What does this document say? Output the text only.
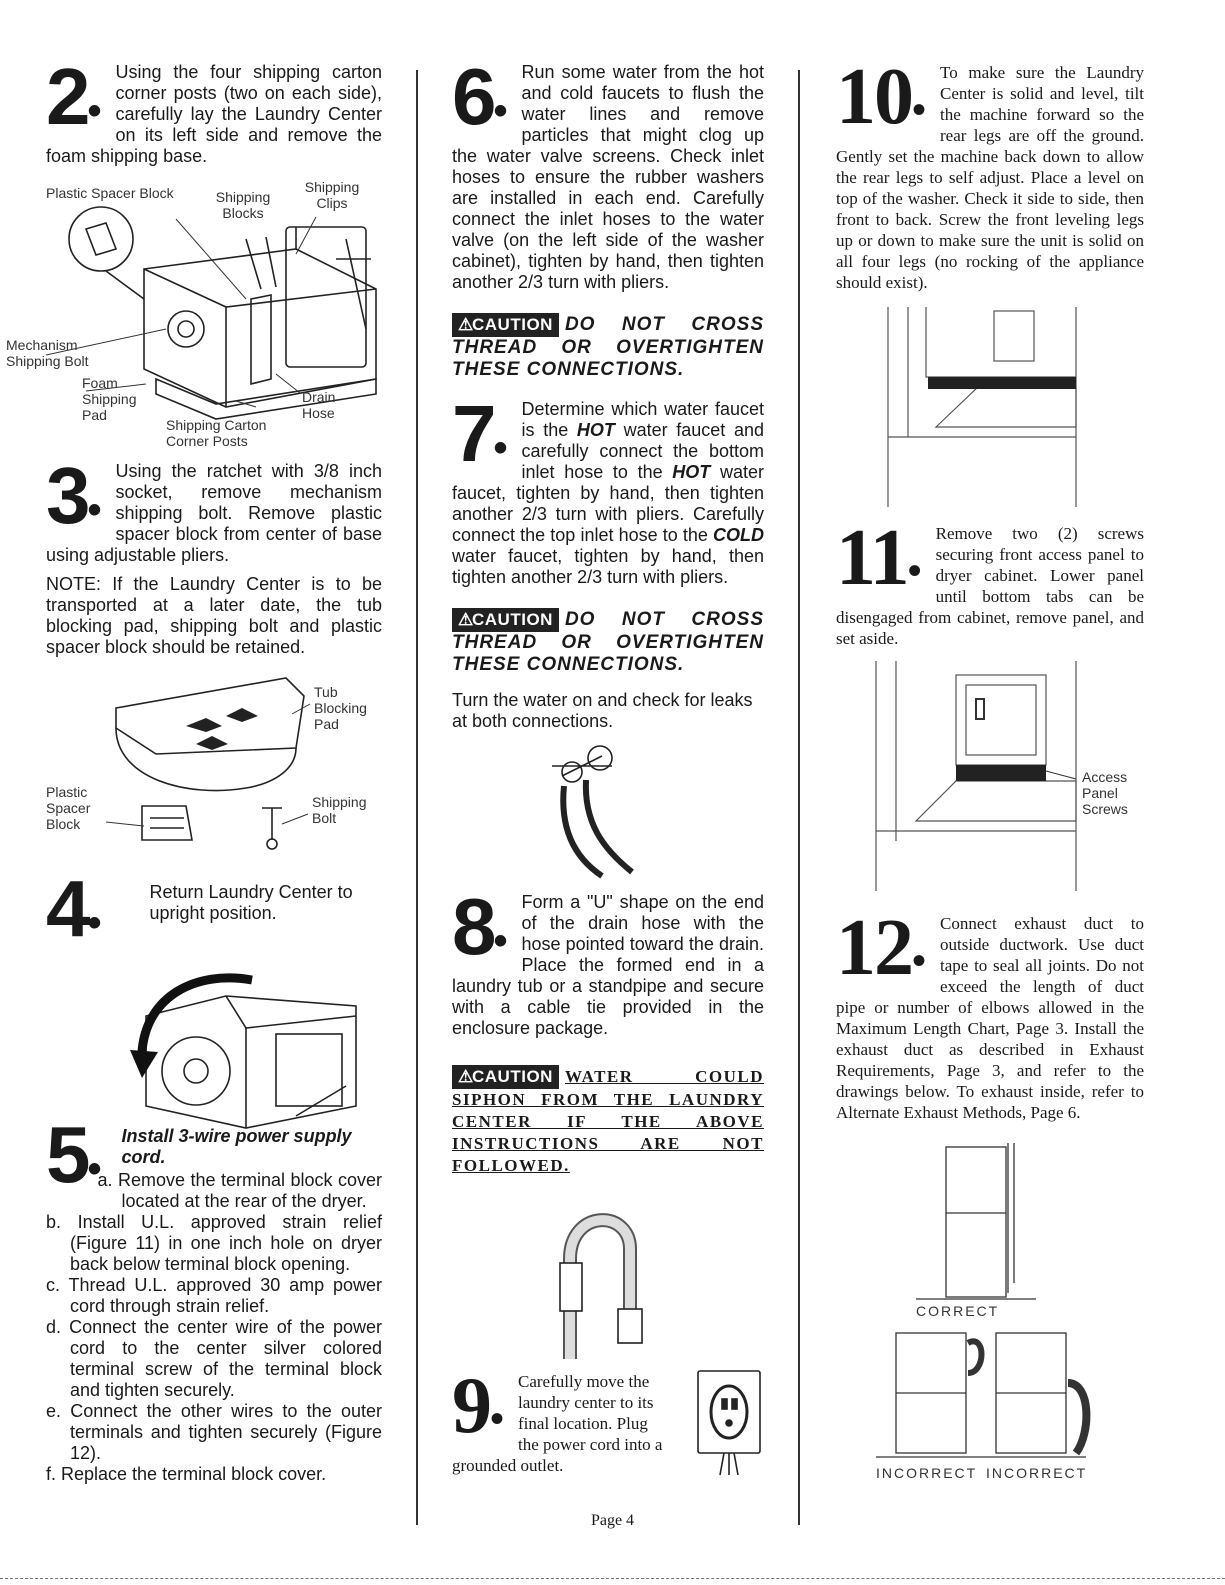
2•

Using the four shipping carton corner posts (two on each side), carefully lay the Laundry Center on its left side and remove the foam shipping base.

Plastic Spacer Block	Shipping Blocks
Shipping Clips
Mechanism
Shipping Bolt
Foam
Shipping Pad
Drain Hose
Shipping Carton Corner Posts
3•

Using the ratchet with 3/8 inch socket, remove mechanism shipping bolt. Remove plastic spacer block from center of base using adjustable pliers.

NOTE: If the Laundry Center is to be transported at a later date, the tub blocking pad, shipping bolt and plastic spacer block should be retained.

Tub Blocking Pad
Plastic Spacer Block
Shipping Bolt
4•

Return Laundry Center to upright position.

5•
Install 3-wire power supply cord.
a. Remove the terminal block cover located at the rear of the dryer.
b. Install U.L. approved strain relief (Figure 11) in one inch hole on dryer back below terminal block opening.
c. Thread U.L. approved 30 amp power cord through strain relief.
d. Connect the center wire of the power cord to the center silver colored terminal screw of the terminal block and tighten securely.
e. Connect the other wires to the outer terminals and tighten securely (Figure 12).
f. Replace the terminal block cover.
6•

Run some water from the hot and cold faucets to flush the water lines and remove particles that might clog up the water valve screens. Check inlet hoses to ensure the rubber washers are installed in each end. Carefully connect the inlet hoses to the water valve (on the left side of the washer cabinet), tighten by hand, then tighten another 2/3 turn with pliers.

⚠CAUTION DO NOT CROSS THREAD OR OVERTIGHTEN THESE CONNECTIONS.
7•

Determine which water faucet is the HOT water faucet and carefully connect the bottom inlet hose to the HOT water faucet, tighten by hand, then tighten another 2/3 turn with pliers. Carefully connect the top inlet hose to the COLD water faucet, tighten by hand, then tighten another 2/3 turn with pliers.

⚠CAUTION DO NOT CROSS THREAD OR OVERTIGHTEN THESE CONNECTIONS.

Turn the water on and check for leaks at both connections.

8•

Form a "U" shape on the end of the drain hose with the hose pointed toward the drain. Place the formed end in a laundry tub or a standpipe and secure with a cable tie provided in the enclosure package.

⚠CAUTION WATER COULD SIPHON FROM THE LAUNDRY CENTER IF THE ABOVE INSTRUCTIONS ARE NOT FOLLOWED.
9•

Carefully move the laundry center to its final location. Plug the power cord into a grounded outlet.

10•

To make sure the Laundry Center is solid and level, tilt the machine forward so the rear legs are off the ground. Gently set the machine back down to allow the rear legs to self adjust. Place a level on top of the washer. Check it side to side, then front to back. Screw the front leveling legs up or down to make sure the unit is solid on all four legs (no rocking of the appliance should exist).

11•

Remove two (2) screws securing front access panel to dryer cabinet. Lower panel until bottom tabs can be disengaged from cabinet, remove panel, and set aside.

Access Panel Screws
12•

Connect exhaust duct to outside ductwork. Use duct tape to seal all joints. Do not exceed the length of duct pipe or number of elbows allowed in the Maximum Length Chart, Page 3. Install the exhaust duct as described in Exhaust Requirements, Page 3, and refer to the drawings below. To exhaust inside, refer to Alternate Exhaust Methods, Page 6.

CORRECT
INCORRECT INCORRECT
Page 4
